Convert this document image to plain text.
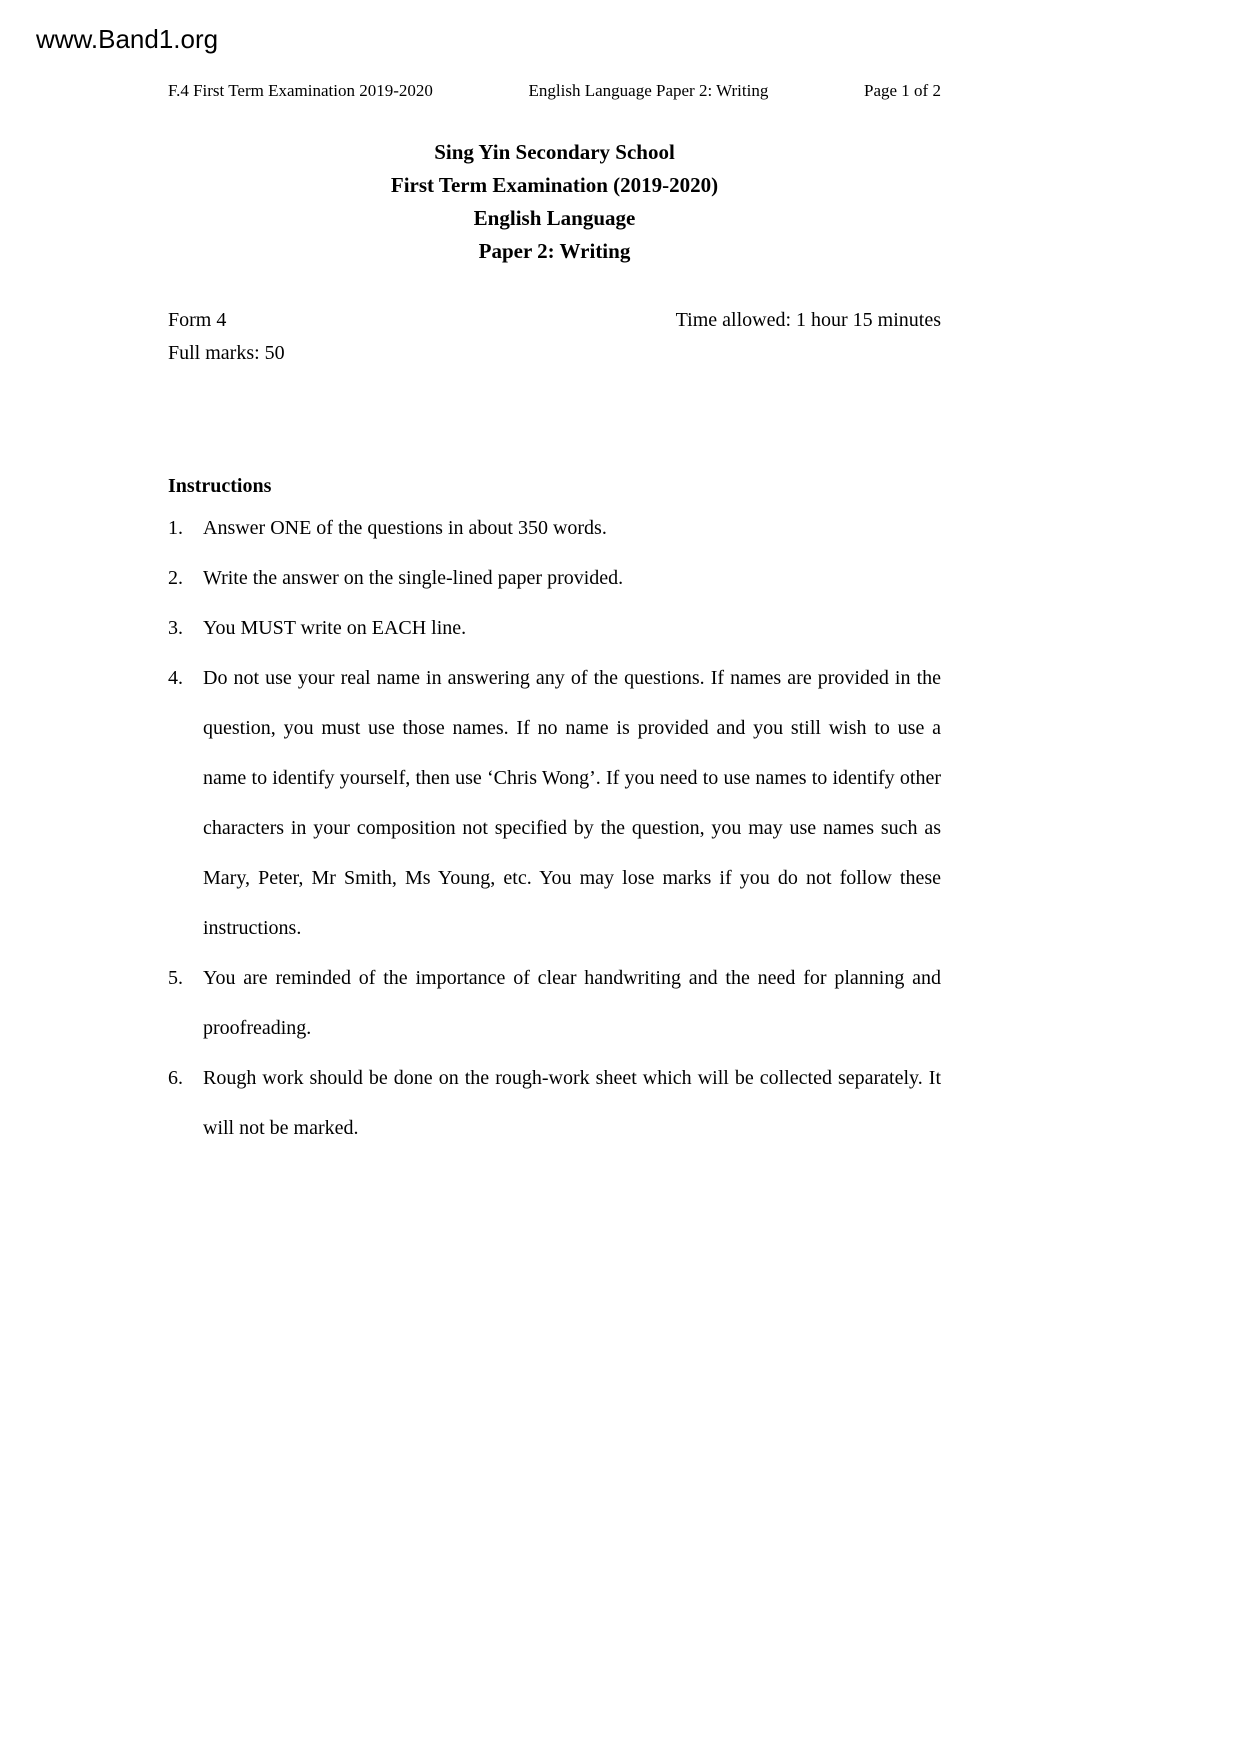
www.Band1.org
F.4 First Term Examination 2019-2020	English Language Paper 2: Writing	Page 1 of 2
Sing Yin Secondary School
First Term Examination (2019-2020)
English Language
Paper 2: Writing
Form 4
Full marks: 50
Time allowed: 1 hour 15 minutes
Instructions
1.	Answer ONE of the questions in about 350 words.
2.	Write the answer on the single-lined paper provided.
3.	You MUST write on EACH line.
4.	Do not use your real name in answering any of the questions. If names are provided in the question, you must use those names. If no name is provided and you still wish to use a name to identify yourself, then use ‘Chris Wong’. If you need to use names to identify other characters in your composition not specified by the question, you may use names such as Mary, Peter, Mr Smith, Ms Young, etc. You may lose marks if you do not follow these instructions.
5.	You are reminded of the importance of clear handwriting and the need for planning and proofreading.
6.	Rough work should be done on the rough-work sheet which will be collected separately. It will not be marked.
